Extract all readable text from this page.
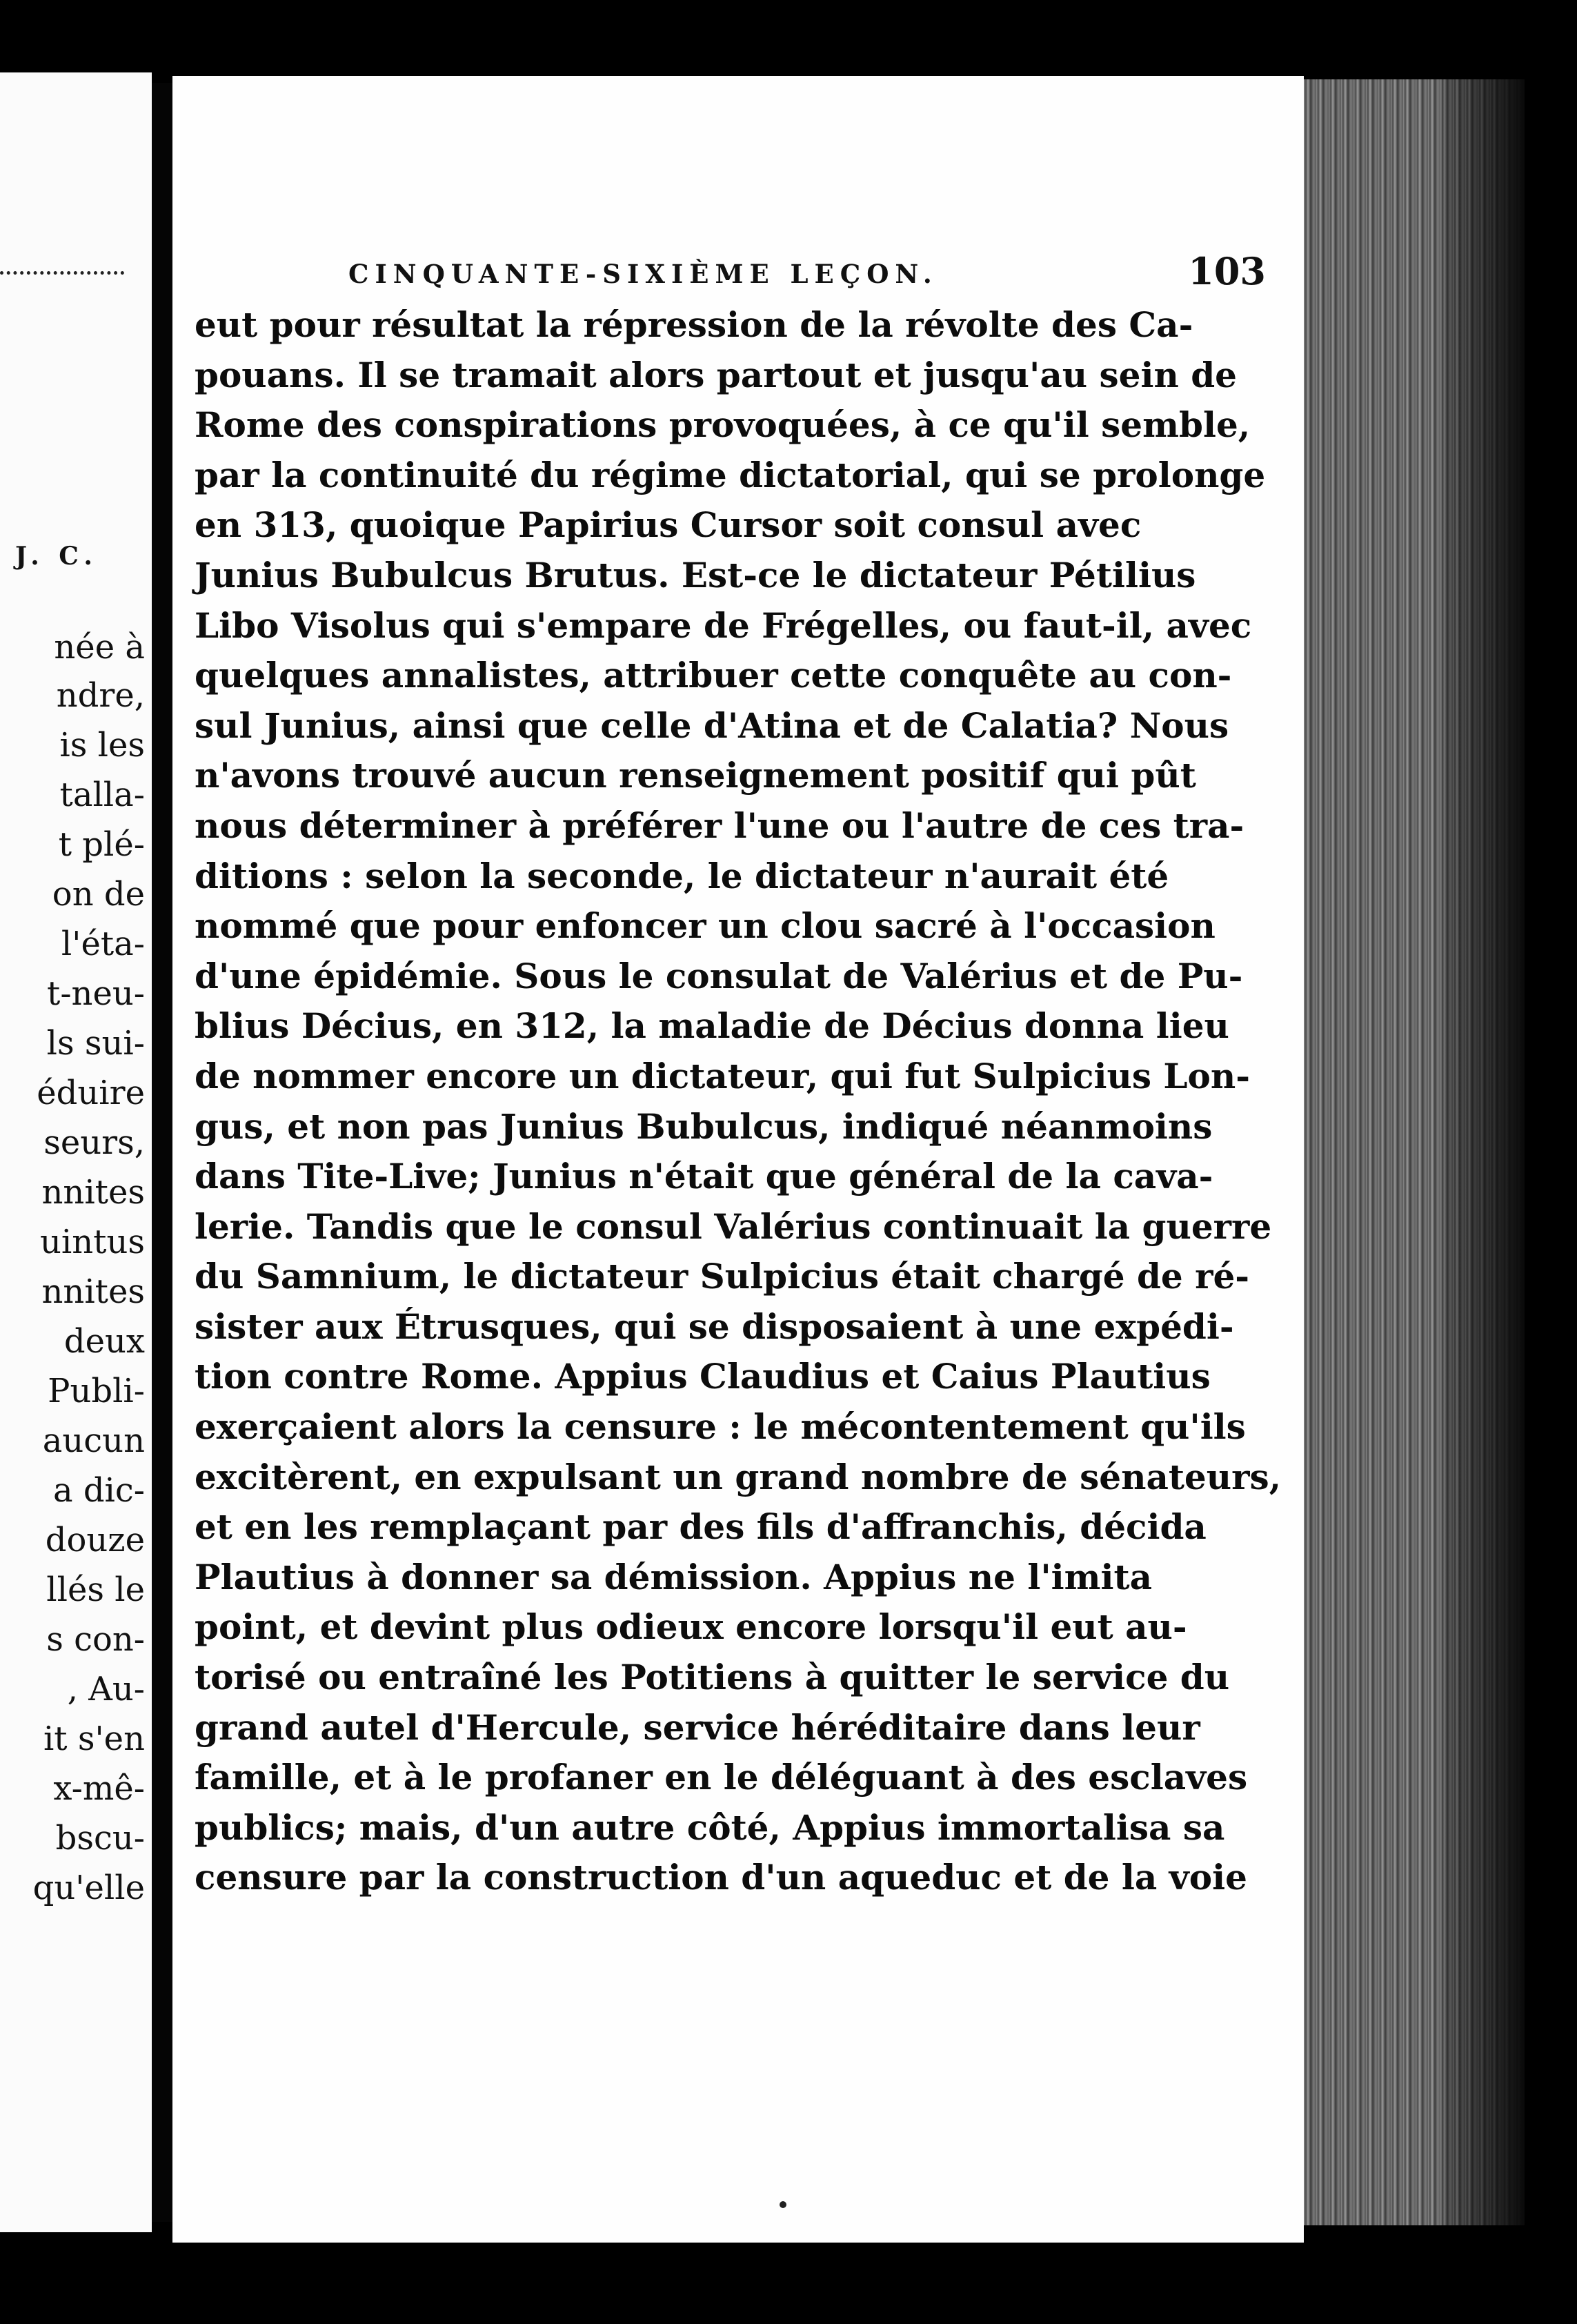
J. C.
née à
ndre,
is les
talla-
t plé-
on de
l'éta-
t-neu-
ls sui-
éduire
seurs,
nnites
uintus
nnites
deux
Publi-
aucun
a dic-
douze
llés le
s con-
, Au-
it s'en
x-mê-
bscu-
qu'elle
CINQUANTE-SIXIÈME LEÇON.	103
eut pour résultat la répression de la révolte des Ca-
pouans. Il se tramait alors partout et jusqu'au sein de
Rome des conspirations provoquées, à ce qu'il semble,
par la continuité du régime dictatorial, qui se prolonge
en 313, quoique Papirius Cursor soit consul avec
Junius Bubulcus Brutus. Est-ce le dictateur Pétilius
Libo Visolus qui s'empare de Frégelles, ou faut-il, avec
quelques annalistes, attribuer cette conquête au con-
sul Junius, ainsi que celle d'Atina et de Calatia? Nous
n'avons trouvé aucun renseignement positif qui pût
nous déterminer à préférer l'une ou l'autre de ces tra-
ditions : selon la seconde, le dictateur n'aurait été
nommé que pour enfoncer un clou sacré à l'occasion
d'une épidémie. Sous le consulat de Valérius et de Pu-
blius Décius, en 312, la maladie de Décius donna lieu
de nommer encore un dictateur, qui fut Sulpicius Lon-
gus, et non pas Junius Bubulcus, indiqué néanmoins
dans Tite-Live; Junius n'était que général de la cava-
lerie. Tandis que le consul Valérius continuait la guerre
du Samnium, le dictateur Sulpicius était chargé de ré-
sister aux Étrusques, qui se disposaient à une expédi-
tion contre Rome. Appius Claudius et Caius Plautius
exerçaient alors la censure : le mécontentement qu'ils
excitèrent, en expulsant un grand nombre de sénateurs,
et en les remplaçant par des fils d'affranchis, décida
Plautius à donner sa démission. Appius ne l'imita
point, et devint plus odieux encore lorsqu'il eut au-
torisé ou entraîné les Potitiens à quitter le service du
grand autel d'Hercule, service héréditaire dans leur
famille, et à le profaner en le déléguant à des esclaves
publics; mais, d'un autre côté, Appius immortalisa sa
censure par la construction d'un aqueduc et de la voie
